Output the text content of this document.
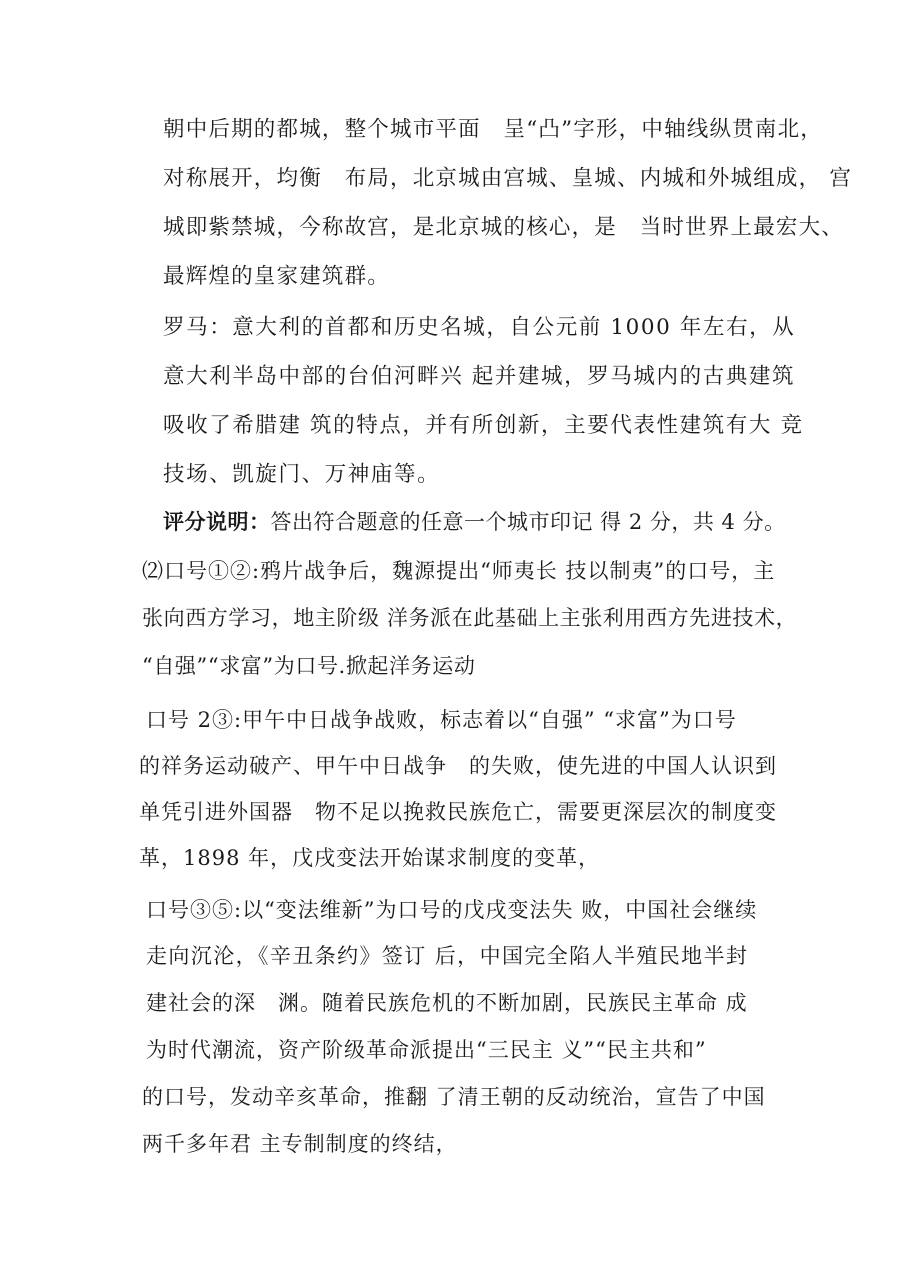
朝中后期的都城，整个城市平面　呈“凸”字形，中轴线纵贯南北，
对称展开，均衡　布局，北京城由宫城、皇城、内城和外城组成， 宫
城即紫禁城，今称故宫，是北京城的核心，是　当时世界上最宏大、
最辉煌的皇家建筑群。
罗马：意大利的首都和历史名城，自公元前 1000 年左右，从
意大利半岛中部的台伯河畔兴 起并建城，罗马城内的古典建筑
吸收了希腊建 筑的特点，并有所创新，主要代表性建筑有大 竞
技场、凯旋门、万神庙等。
评分说明：答出符合题意的任意一个城市印记 得 2 分，共 4 分。
⑵口号①②:鸦片战争后，魏源提出“师夷长 技以制夷”的口号，主
张向西方学习，地主阶级 洋务派在此基础上主张利用西方先进技术，
“自强”“求富”为口号.掀起洋务运动
口号 2③:甲午中日战争战败，标志着以“自强” “求富”为口号
的祥务运动破产、甲午中日战争　的失败，使先进的中国人认识到
单凭引进外国器　物不足以挽救民族危亡，需要更深层次的制度变
革，1898 年，戊戌变法开始谋求制度的变革，
口号③⑤:以“变法维新”为口号的戊戌变法失 败，中国社会继续
走向沉沦，《辛丑条约》签订 后，中国完全陷人半殖民地半封
建社会的深　渊。随着民族危机的不断加剧，民族民主革命 成
为时代潮流，资产阶级革命派提出“三民主 义”“民主共和”
的口号，发动辛亥革命，推翻 了清王朝的反动统治，宣告了中国
两千多年君 主专制制度的终结，
